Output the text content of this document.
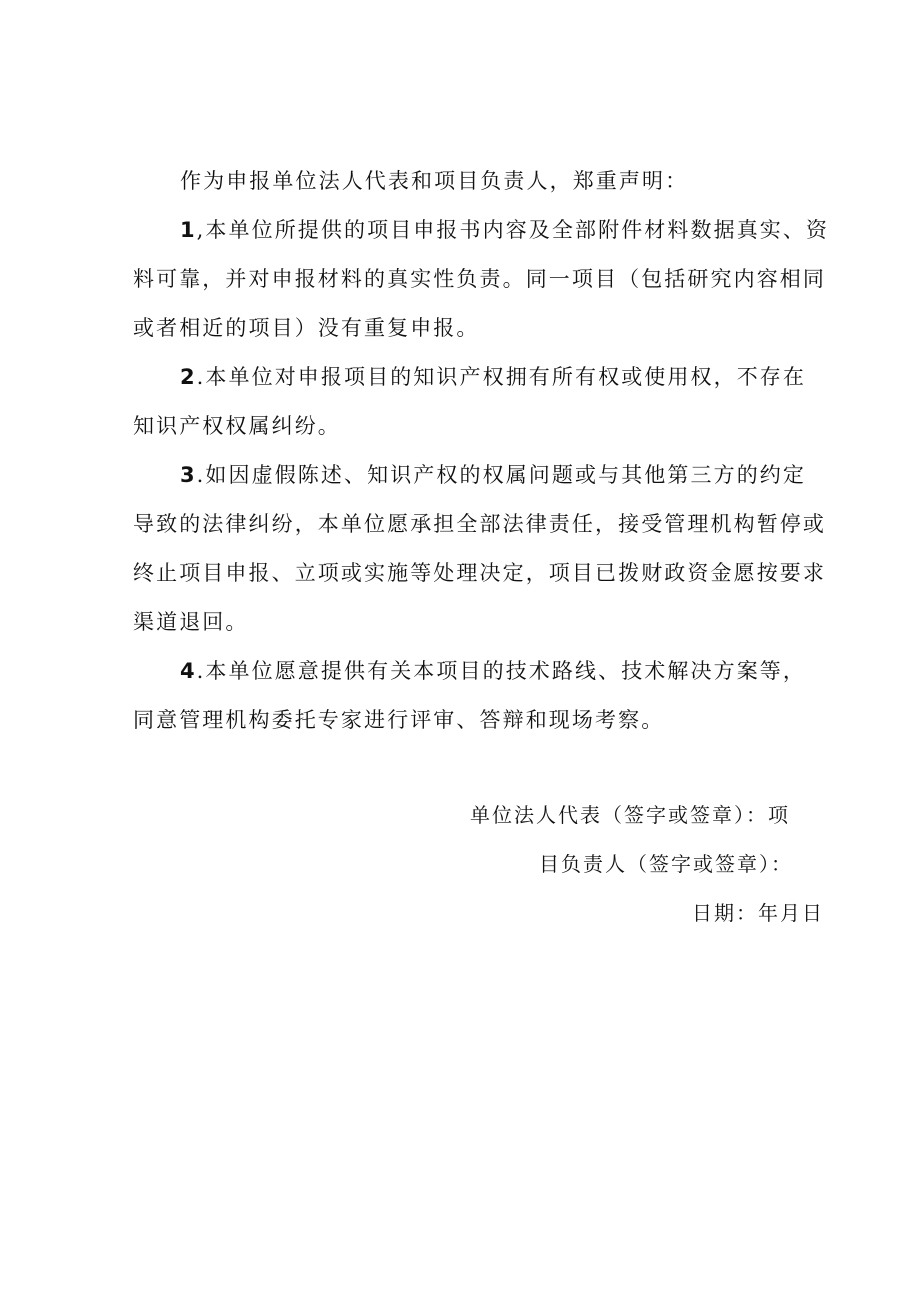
作为申报单位法人代表和项目负责人，郑重声明：
1,本单位所提供的项目申报书内容及全部附件材料数据真实、资
料可靠，并对申报材料的真实性负责。同一项目（包括研究内容相同
或者相近的项目）没有重复申报。
2.本单位对申报项目的知识产权拥有所有权或使用权，不存在
知识产权权属纠纷。
3.如因虚假陈述、知识产权的权属问题或与其他第三方的约定
导致的法律纠纷，本单位愿承担全部法律责任，接受管理机构暂停或
终止项目申报、立项或实施等处理决定，项目已拨财政资金愿按要求
渠道退回。
4.本单位愿意提供有关本项目的技术路线、技术解决方案等，
同意管理机构委托专家进行评审、答辩和现场考察。
单位法人代表（签字或签章）：项
目负责人（签字或签章）：
日期：年月日
